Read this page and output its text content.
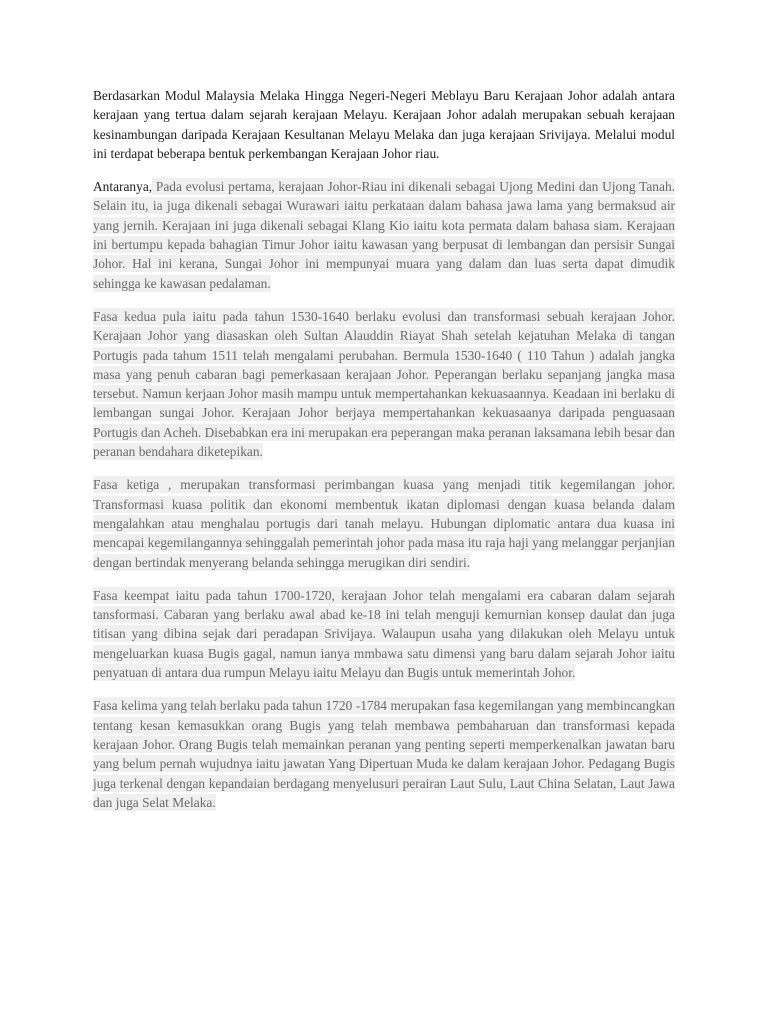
Berdasarkan Modul Malaysia Melaka Hingga Negeri-Negeri Meblayu Baru Kerajaan Johor adalah antara kerajaan yang tertua dalam sejarah kerajaan Melayu. Kerajaan Johor adalah merupakan sebuah kerajaan kesinambungan daripada Kerajaan Kesultanan Melayu Melaka dan juga kerajaan Srivijaya. Melalui modul ini terdapat beberapa bentuk perkembangan Kerajaan Johor riau.

Antaranya, Pada evolusi pertama, kerajaan Johor-Riau ini dikenali sebagai Ujong Medini dan Ujong Tanah. Selain itu, ia juga dikenali sebagai Wurawari iaitu perkataan dalam bahasa jawa lama yang bermaksud air yang jernih. Kerajaan ini juga dikenali sebagai Klang Kio iaitu kota permata dalam bahasa siam. Kerajaan ini bertumpu kepada bahagian Timur Johor iaitu kawasan yang berpusat di lembangan dan persisir Sungai Johor. Hal ini kerana, Sungai Johor ini mempunyai muara yang dalam dan luas serta dapat dimudik sehingga ke kawasan pedalaman.

Fasa kedua pula iaitu pada tahun 1530-1640 berlaku evolusi dan transformasi sebuah kerajaan Johor. Kerajaan Johor yang diasaskan oleh Sultan Alauddin Riayat Shah setelah kejatuhan Melaka di tangan Portugis pada tahum 1511 telah mengalami perubahan. Bermula 1530-1640 ( 110 Tahun ) adalah jangka masa yang penuh cabaran bagi pemerkasaan kerajaan Johor. Peperangan berlaku sepanjang jangka masa tersebut. Namun kerjaan Johor masih mampu untuk mempertahankan kekuasaannya. Keadaan ini berlaku di lembangan sungai Johor. Kerajaan Johor berjaya mempertahankan kekuasaanya daripada penguasaan Portugis dan Acheh. Disebabkan era ini merupakan era peperangan maka peranan laksamana lebih besar dan peranan bendahara diketepikan.

Fasa ketiga , merupakan transformasi perimbangan kuasa yang menjadi titik kegemilangan johor. Transformasi kuasa politik dan ekonomi membentuk ikatan diplomasi dengan kuasa belanda dalam mengalahkan atau menghalau portugis dari tanah melayu. Hubungan diplomatic antara dua kuasa ini mencapai kegemilangannya sehinggalah pemerintah johor pada masa itu raja haji yang melanggar perjanjian dengan bertindak menyerang belanda sehingga merugikan diri sendiri.

Fasa keempat iaitu pada tahun 1700-1720, kerajaan Johor telah mengalami era cabaran dalam sejarah tansformasi. Cabaran yang berlaku awal abad ke-18 ini telah menguji kemurnian konsep daulat dan juga titisan yang dibina sejak dari peradapan Srivijaya. Walaupun usaha yang dilakukan oleh Melayu untuk mengeluarkan kuasa Bugis gagal, namun ianya mmbawa satu dimensi yang baru dalam sejarah Johor iaitu penyatuan di antara dua rumpun Melayu iaitu Melayu dan Bugis untuk memerintah Johor.

Fasa kelima yang telah berlaku pada tahun 1720 -1784 merupakan fasa kegemilangan yang membincangkan tentang kesan kemasukkan orang Bugis yang telah membawa pembaharuan dan transformasi kepada kerajaan Johor. Orang Bugis telah memainkan peranan yang penting seperti memperkenalkan jawatan baru yang belum pernah wujudnya iaitu jawatan Yang Dipertuan Muda ke dalam kerajaan Johor. Pedagang Bugis juga terkenal dengan kepandaian berdagang menyelusuri perairan Laut Sulu, Laut China Selatan, Laut Jawa dan juga Selat Melaka.
